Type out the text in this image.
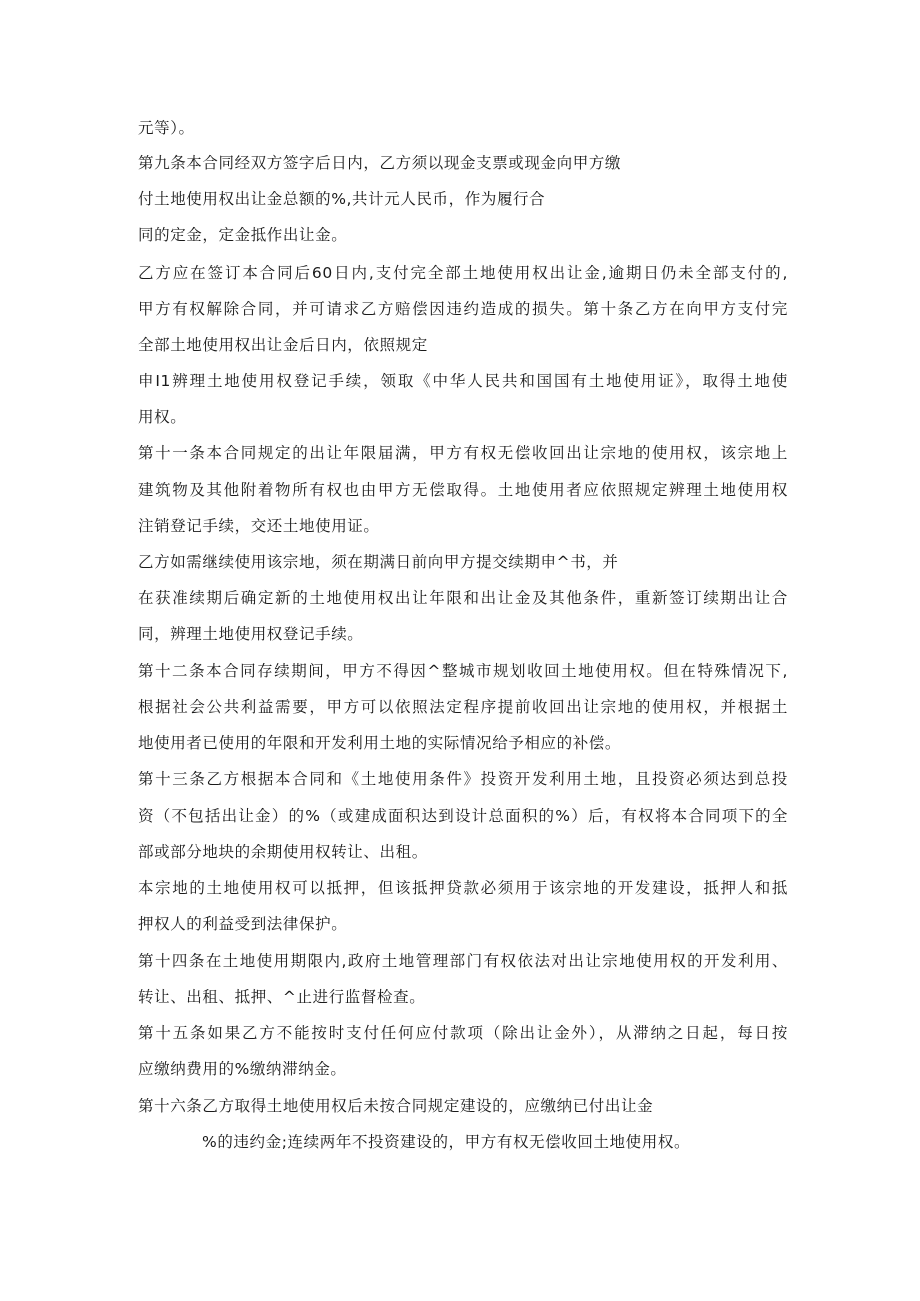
元等）。
第九条本合同经双方签字后日内，乙方须以现金支票或现金向甲方缴
付土地使用权出让金总额的%,共计元人民币，作为履行合
同的定金，定金抵作出让金。
乙方应在签订本合同后60日内,支付完全部土地使用权出让金,逾期日仍未全部支付的,
甲方有权解除合同，并可请求乙方赔偿因违约造成的损失。第十条乙方在向甲方支付完
全部土地使用权出让金后日内，依照规定
申I1辨理土地使用权登记手续，领取《中华人民共和国国有土地使用证》，取得土地使
用权。
第十一条本合同规定的出让年限届满，甲方有权无偿收回出让宗地的使用权，该宗地上
建筑物及其他附着物所有权也由甲方无偿取得。土地使用者应依照规定辨理土地使用权
注销登记手续，交还土地使用证。
乙方如需继续使用该宗地，须在期满日前向甲方提交续期申^书，并
在获准续期后确定新的土地使用权出让年限和出让金及其他条件，重新签订续期出让合
同，辨理土地使用权登记手续。
第十二条本合同存续期间，甲方不得因^整城市规划收回土地使用权。但在特殊情况下,
根据社会公共利益需要，甲方可以依照法定程序提前收回出让宗地的使用权，并根据土
地使用者已使用的年限和开发利用土地的实际情况给予相应的补偿。
第十三条乙方根据本合同和《土地使用条件》投资开发利用土地，且投资必须达到总投
资（不包括出让金）的%（或建成面积达到设计总面积的%）后，有权将本合同项下的全
部或部分地块的余期使用权转让、出租。
本宗地的土地使用权可以抵押，但该抵押贷款必须用于该宗地的开发建设，抵押人和抵
押权人的利益受到法律保护。
第十四条在土地使用期限内,政府土地管理部门有权依法对出让宗地使用权的开发利用、
转让、出租、抵押、^止进行监督检查。
第十五条如果乙方不能按时支付任何应付款项（除出让金外），从滞纳之日起，每日按
应缴纳费用的%缴纳滞纳金。
第十六条乙方取得土地使用权后未按合同规定建设的，应缴纳已付出让金
%的违约金;连续两年不投资建设的，甲方有权无偿收回土地使用权。
